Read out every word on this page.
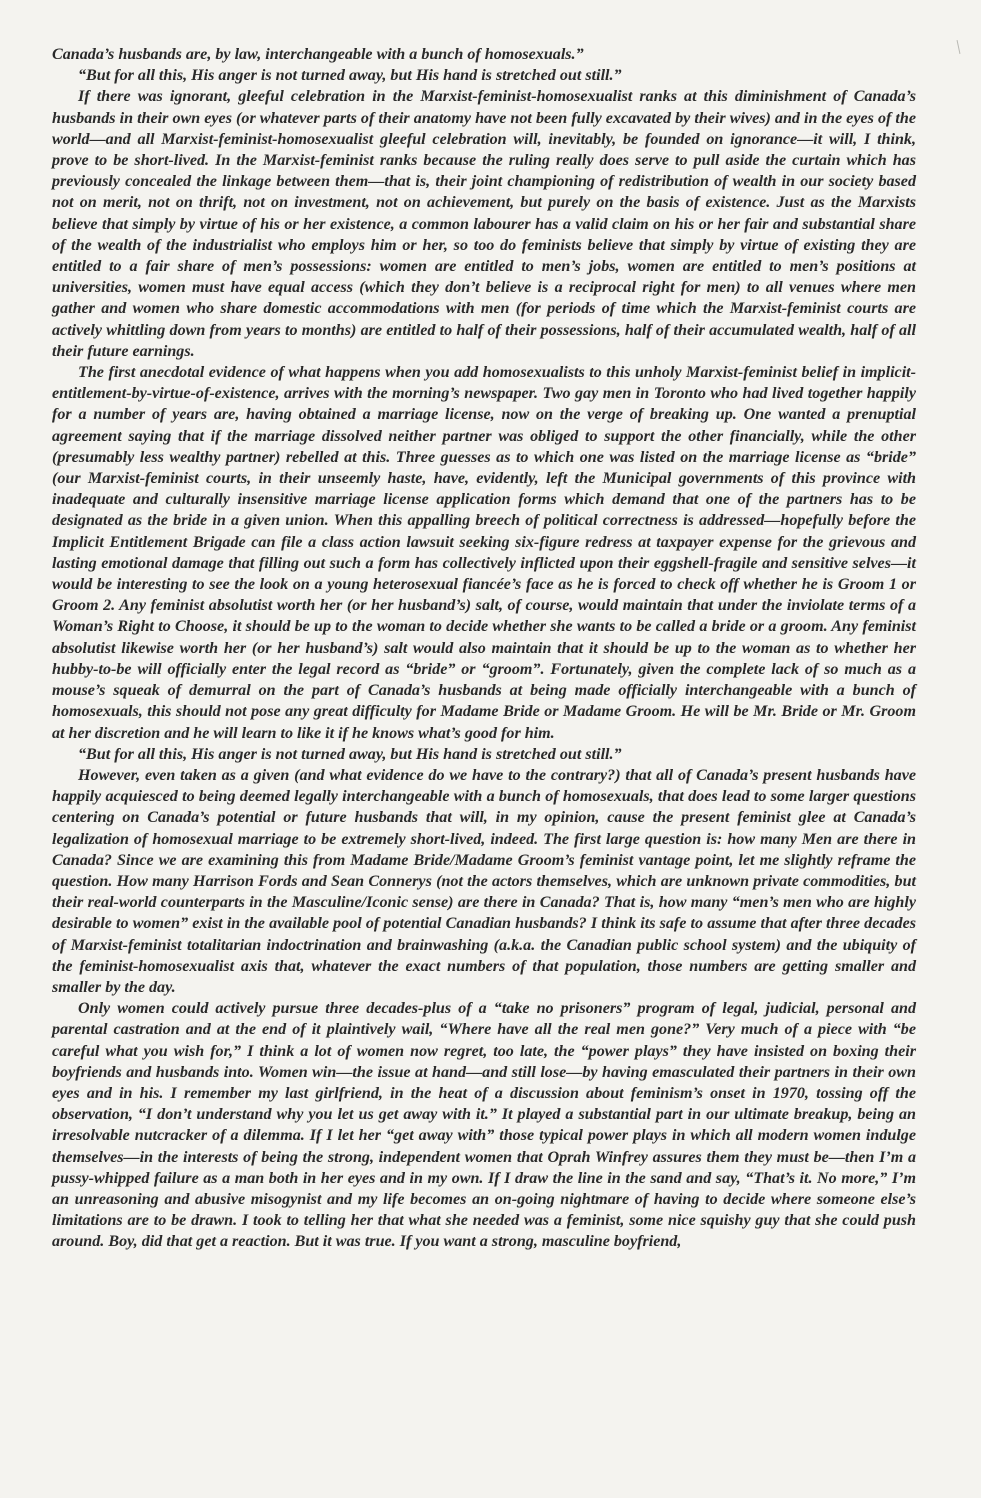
Canada’s husbands are, by law, interchangeable with a bunch of homosexuals.”

“But for all this, His anger is not turned away, but His hand is stretched out still.”

If there was ignorant, gleeful celebration in the Marxist-feminist-homosexualist ranks at this diminishment of Canada’s husbands in their own eyes (or whatever parts of their anatomy have not been fully excavated by their wives) and in the eyes of the world—and all Marxist-feminist-homosexualist gleeful celebration will, inevitably, be founded on ignorance—it will, I think, prove to be short-lived. In the Marxist-feminist ranks because the ruling really does serve to pull aside the curtain which has previously concealed the linkage between them—that is, their joint championing of redistribution of wealth in our society based not on merit, not on thrift, not on investment, not on achievement, but purely on the basis of existence. Just as the Marxists believe that simply by virtue of his or her existence, a common labourer has a valid claim on his or her fair and substantial share of the wealth of the industrialist who employs him or her, so too do feminists believe that simply by virtue of existing they are entitled to a fair share of men’s possessions: women are entitled to men’s jobs, women are entitled to men’s positions at universities, women must have equal access (which they don’t believe is a reciprocal right for men) to all venues where men gather and women who share domestic accommodations with men (for periods of time which the Marxist-feminist courts are actively whittling down from years to months) are entitled to half of their possessions, half of their accumulated wealth, half of all their future earnings.

The first anecdotal evidence of what happens when you add homosexualists to this unholy Marxist-feminist belief in implicit-entitlement-by-virtue-of-existence, arrives with the morning’s newspaper. Two gay men in Toronto who had lived together happily for a number of years are, having obtained a marriage license, now on the verge of breaking up. One wanted a prenuptial agreement saying that if the marriage dissolved neither partner was obliged to support the other financially, while the other (presumably less wealthy partner) rebelled at this. Three guesses as to which one was listed on the marriage license as “bride” (our Marxist-feminist courts, in their unseemly haste, have, evidently, left the Municipal governments of this province with inadequate and culturally insensitive marriage license application forms which demand that one of the partners has to be designated as the bride in a given union. When this appalling breech of political correctness is addressed—hopefully before the Implicit Entitlement Brigade can file a class action lawsuit seeking six-figure redress at taxpayer expense for the grievous and lasting emotional damage that filling out such a form has collectively inflicted upon their eggshell-fragile and sensitive selves—it would be interesting to see the look on a young heterosexual fiancée’s face as he is forced to check off whether he is Groom 1 or Groom 2. Any feminist absolutist worth her (or her husband’s) salt, of course, would maintain that under the inviolate terms of a Woman’s Right to Choose, it should be up to the woman to decide whether she wants to be called a bride or a groom. Any feminist absolutist likewise worth her (or her husband’s) salt would also maintain that it should be up to the woman as to whether her hubby-to-be will officially enter the legal record as “bride” or “groom”. Fortunately, given the complete lack of so much as a mouse’s squeak of demurral on the part of Canada’s husbands at being made officially interchangeable with a bunch of homosexuals, this should not pose any great difficulty for Madame Bride or Madame Groom. He will be Mr. Bride or Mr. Groom at her discretion and he will learn to like it if he knows what’s good for him.

“But for all this, His anger is not turned away, but His hand is stretched out still.”

However, even taken as a given (and what evidence do we have to the contrary?) that all of Canada’s present husbands have happily acquiesced to being deemed legally interchangeable with a bunch of homosexuals, that does lead to some larger questions centering on Canada’s potential or future husbands that will, in my opinion, cause the present feminist glee at Canada’s legalization of homosexual marriage to be extremely short-lived, indeed. The first large question is: how many Men are there in Canada? Since we are examining this from Madame Bride/Madame Groom’s feminist vantage point, let me slightly reframe the question. How many Harrison Fords and Sean Connerys (not the actors themselves, which are unknown private commodities, but their real-world counterparts in the Masculine/Iconic sense) are there in Canada? That is, how many “men’s men who are highly desirable to women” exist in the available pool of potential Canadian husbands? I think its safe to assume that after three decades of Marxist-feminist totalitarian indoctrination and brainwashing (a.k.a. the Canadian public school system) and the ubiquity of the feminist-homosexualist axis that, whatever the exact numbers of that population, those numbers are getting smaller and smaller by the day.

Only women could actively pursue three decades-plus of a “take no prisoners” program of legal, judicial, personal and parental castration and at the end of it plaintively wail, “Where have all the real men gone?” Very much of a piece with “be careful what you wish for,” I think a lot of women now regret, too late, the “power plays” they have insisted on boxing their boyfriends and husbands into. Women win—the issue at hand—and still lose—by having emasculated their partners in their own eyes and in his. I remember my last girlfriend, in the heat of a discussion about feminism’s onset in 1970, tossing off the observation, “I don’t understand why you let us get away with it.” It played a substantial part in our ultimate breakup, being an irresolvable nutcracker of a dilemma. If I let her “get away with” those typical power plays in which all modern women indulge themselves—in the interests of being the strong, independent women that Oprah Winfrey assures them they must be—then I’m a pussy-whipped failure as a man both in her eyes and in my own. If I draw the line in the sand and say, “That’s it. No more,” I’m an unreasoning and abusive misogynist and my life becomes an on-going nightmare of having to decide where someone else’s limitations are to be drawn. I took to telling her that what she needed was a feminist, some nice squishy guy that she could push around. Boy, did that get a reaction. But it was true. If you want a strong, masculine boyfriend,
